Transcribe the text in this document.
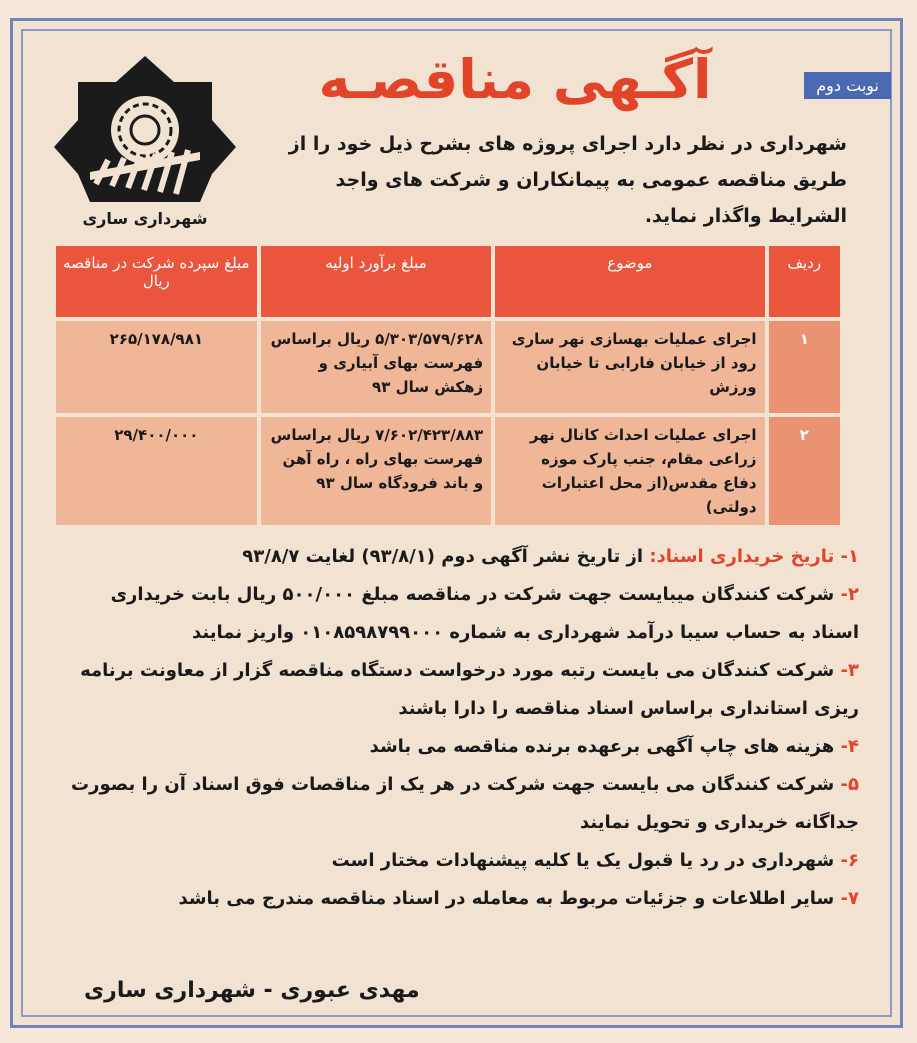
نوبت دوم
آگـهی مناقصـه
شهرداری ساری
شهرداری در نظر دارد اجرای پروژه های بشرح ذیل خود را از طریق مناقصه عمومی به پیمانکاران و شرکت های واجد الشرایط واگذار نماید.
ردیف	موضوع	مبلغ برآورد اولیه	مبلغ سپرده شرکت در مناقصه ریال
۱	اجرای عملیات بهسازی نهر ساری رود از خیابان فارابی تا خیابان ورزش	۵/۳۰۳/۵۷۹/۶۲۸ ریال براساس فهرست بهای آبیاری و زهکش سال ۹۳	۲۶۵/۱۷۸/۹۸۱
۲	اجرای عملیات احداث کانال نهر زراعی مقام، جنب پارک موزه دفاع مقدس(از محل اعتبارات دولتی)	۷/۶۰۲/۴۲۳/۸۸۳ ریال براساس فهرست بهای راه ، راه آهن و باند فرودگاه سال ۹۳	۲۹/۴۰۰/۰۰۰

۱- تاریخ خریداری اسناد: از تاریخ نشر آگهی دوم (۹۳/۸/۱) لغایت ۹۳/۸/۷

۲- شرکت کنندگان میبایست جهت شرکت در مناقصه مبلغ ۵۰۰/۰۰۰ ریال بابت خریداری اسناد به حساب سیبا درآمد شهرداری به شماره ۰۱۰۸۵۹۸۷۹۹۰۰۰ واریز نمایند

۳- شرکت کنندگان می بایست رتبه مورد درخواست دستگاه مناقصه گزار از معاونت برنامه ریزی استانداری براساس اسناد مناقصه را دارا باشند

۴- هزینه های چاپ آگهی برعهده برنده مناقصه می باشد

۵- شرکت کنندگان می بایست جهت شرکت در هر یک از مناقصات فوق اسناد آن را بصورت جداگانه خریداری و تحویل نمایند

۶- شهرداری در رد یا قبول یک یا کلیه پیشنهادات مختار است

۷- سایر اطلاعات و جزئیات مربوط به معامله در اسناد مناقصه مندرج می باشد

مهدی عبوری - شهرداری ساری
